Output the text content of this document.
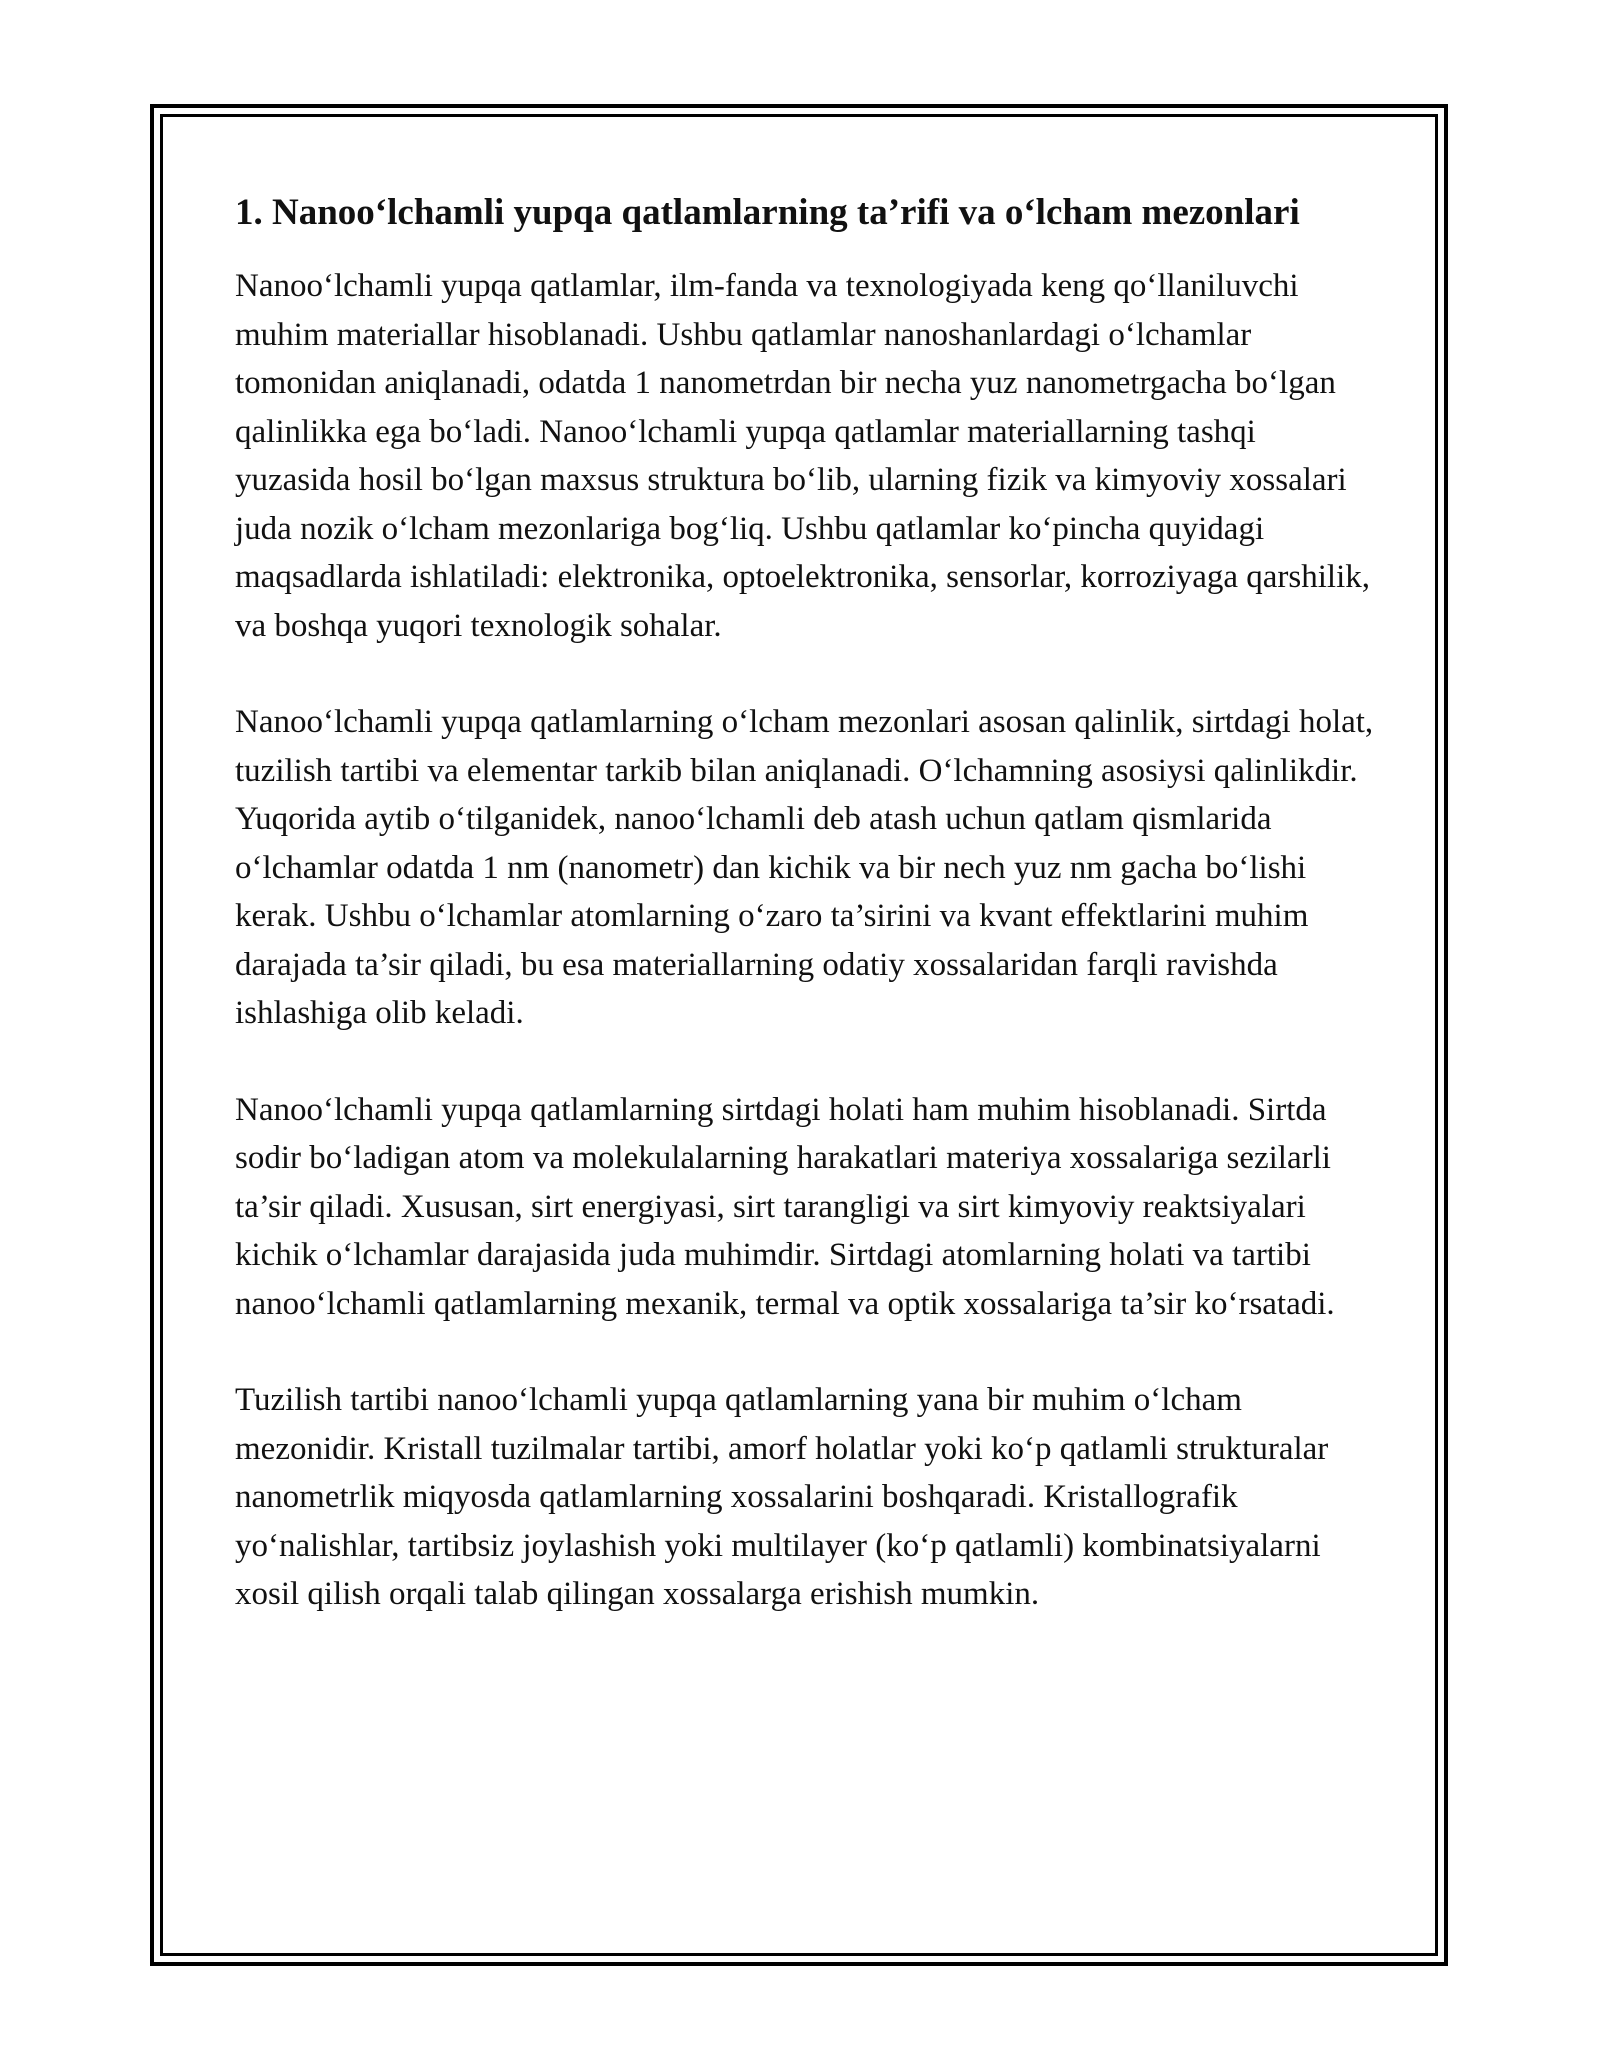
1. Nanoo‘lchamli yupqa qatlamlarning ta’rifi va o‘lcham mezonlari

Nanoo‘lchamli yupqa qatlamlar, ilm-fanda va texnologiyada keng qo‘llaniluvchi muhim materiallar hisoblanadi. Ushbu qatlamlar nanoshanlardagi o‘lchamlar tomonidan aniqlanadi, odatda 1 nanometrdan bir necha yuz nanometrgacha bo‘lgan qalinlikka ega bo‘ladi. Nanoo‘lchamli yupqa qatlamlar materiallarning tashqi yuzasida hosil bo‘lgan maxsus struktura bo‘lib, ularning fizik va kimyoviy xossalari juda nozik o‘lcham mezonlariga bog‘liq. Ushbu qatlamlar ko‘pincha quyidagi maqsadlarda ishlatiladi: elektronika, optoelektronika, sensorlar, korroziyaga qarshilik, va boshqa yuqori texnologik sohalar.

Nanoo‘lchamli yupqa qatlamlarning o‘lcham mezonlari asosan qalinlik, sirtdagi holat, tuzilish tartibi va elementar tarkib bilan aniqlanadi. O‘lchamning asosiysi qalinlikdir. Yuqorida aytib o‘tilganidek, nanoo‘lchamli deb atash uchun qatlam qismlarida o‘lchamlar odatda 1 nm (nanometr) dan kichik va bir nech yuz nm gacha bo‘lishi kerak. Ushbu o‘lchamlar atomlarning o‘zaro ta’sirini va kvant effektlarini muhim darajada ta’sir qiladi, bu esa materiallarning odatiy xossalaridan farqli ravishda ishlashiga olib keladi.

Nanoo‘lchamli yupqa qatlamlarning sirtdagi holati ham muhim hisoblanadi. Sirtda sodir bo‘ladigan atom va molekulalarning harakatlari materiya xossalariga sezilarli ta’sir qiladi. Xususan, sirt energiyasi, sirt tarangligi va sirt kimyoviy reaktsiyalari kichik o‘lchamlar darajasida juda muhimdir. Sirtdagi atomlarning holati va tartibi nanoo‘lchamli qatlamlarning mexanik, termal va optik xossalariga ta’sir ko‘rsatadi.

Tuzilish tartibi nanoo‘lchamli yupqa qatlamlarning yana bir muhim o‘lcham mezonidir. Kristall tuzilmalar tartibi, amorf holatlar yoki ko‘p qatlamli strukturalar nanometrlik miqyosda qatlamlarning xossalarini boshqaradi. Kristallografik yo‘nalishlar, tartibsiz joylashish yoki multilayer (ko‘p qatlamli) kombinatsiyalarni xosil qilish orqali talab qilingan xossalarga erishish mumkin.
